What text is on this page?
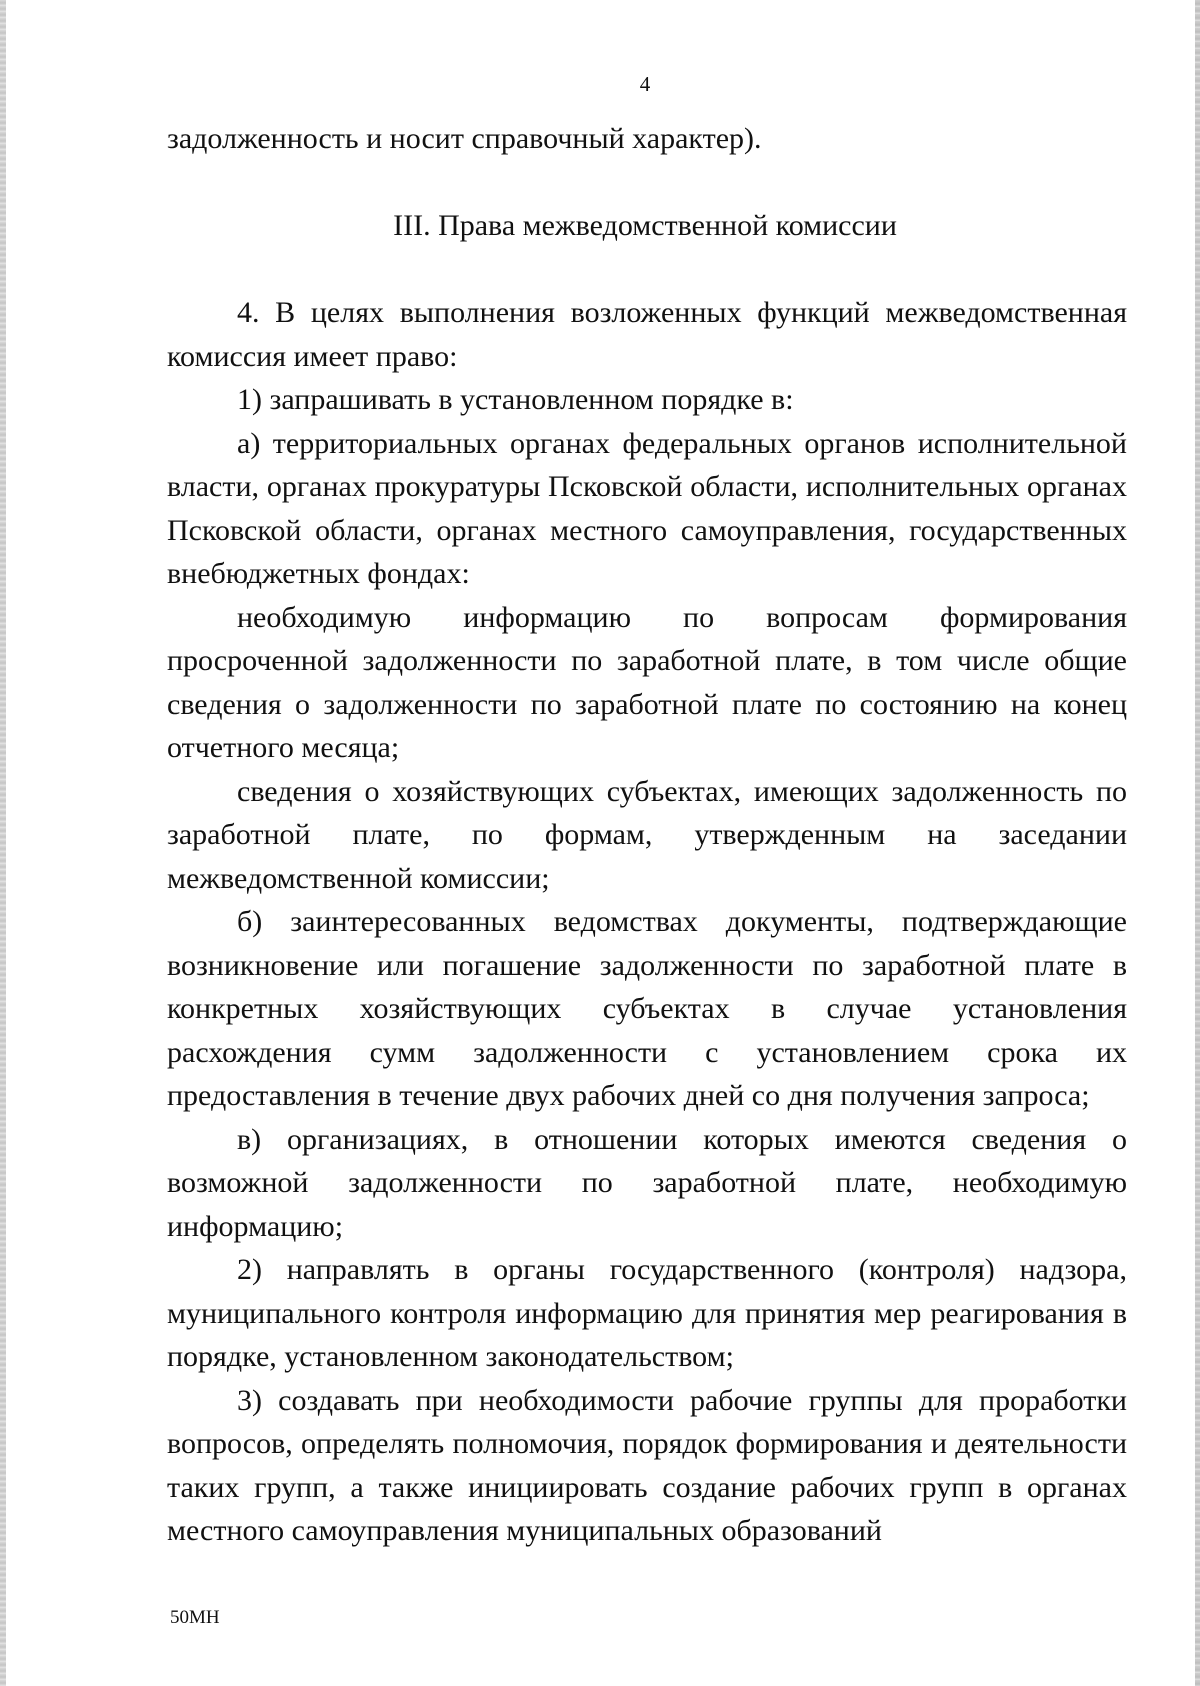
4

задолженность и носит справочный характер).

III. Права межведомственной комиссии

4. В целях выполнения возложенных функций межведомственная комиссия имеет право:

1) запрашивать в установленном порядке в:

а) территориальных органах федеральных органов исполнительной власти, органах прокуратуры Псковской области, исполнительных органах Псковской области, органах местного самоуправления, государственных внебюджетных фондах:

необходимую информацию по вопросам формирования просроченной задолженности по заработной плате, в том числе общие сведения о задолженности по заработной плате по состоянию на конец отчетного месяца;

сведения о хозяйствующих субъектах, имеющих задолженность по заработной плате, по формам, утвержденным на заседании межведомственной комиссии;

б) заинтересованных ведомствах документы, подтверждающие возникновение или погашение задолженности по заработной плате в конкретных хозяйствующих субъектах в случае установления расхождения сумм задолженности с установлением срока их предоставления в течение двух рабочих дней со дня получения запроса;

в) организациях, в отношении которых имеются сведения о возможной задолженности по заработной плате, необходимую информацию;

2) направлять в органы государственного (контроля) надзора, муниципального контроля информацию для принятия мер реагирования в порядке, установленном законодательством;

3) создавать при необходимости рабочие группы для проработки вопросов, определять полномочия, порядок формирования и деятельности таких групп, а также инициировать создание рабочих групп в органах местного самоуправления муниципальных образований

50МН
